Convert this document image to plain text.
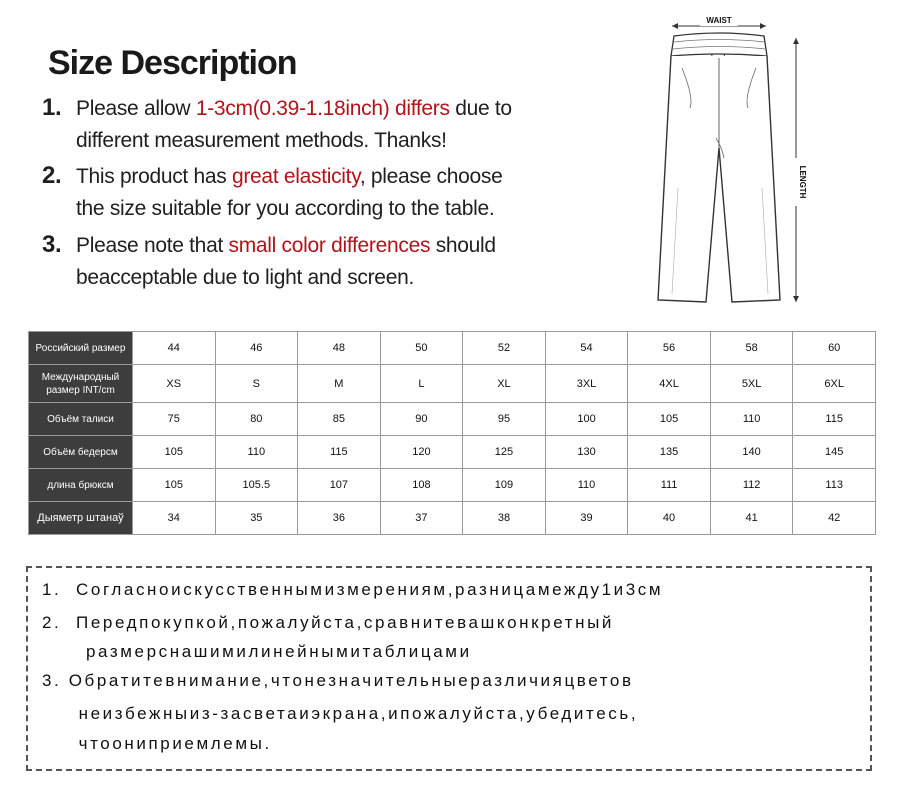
Size Description
1. Please allow 1-3cm(0.39-1.18inch) differs due to
different measurement methods. Thanks!
2. This product has great elasticity, please choose
the size suitable for you according to the table.
3. Please note that small color differences should
beacceptable due to light and screen.
WAIST
LENGTH
Российский размер	44	46	48	50	52	54	56	58	60
Международный размер INT/cm	XS	S	M	L	XL	3XL	4XL	5XL	6XL
Объём талиси	75	80	85	90	95	100	105	110	115
Объём бедерсм	105	110	115	120	125	130	135	140	145
длина брюксм	105	105.5	107	108	109	110	111	112	113
Дыяметр штанаў	34	35	36	37	38	39	40	41	42
1.  Согласноискусственнымизмерениям,разницамежду1и3см
2.  Передпокупкой,пожалуйста,сравнитевашконкретный
размерснашимилинейнымитаблицами
3. Обратитевнимание,чтонезначительныеразличияцветов
неизбежныиз-засветаиэкрана,ипожалуйста,убедитесь,
чтоониприемлемы.
